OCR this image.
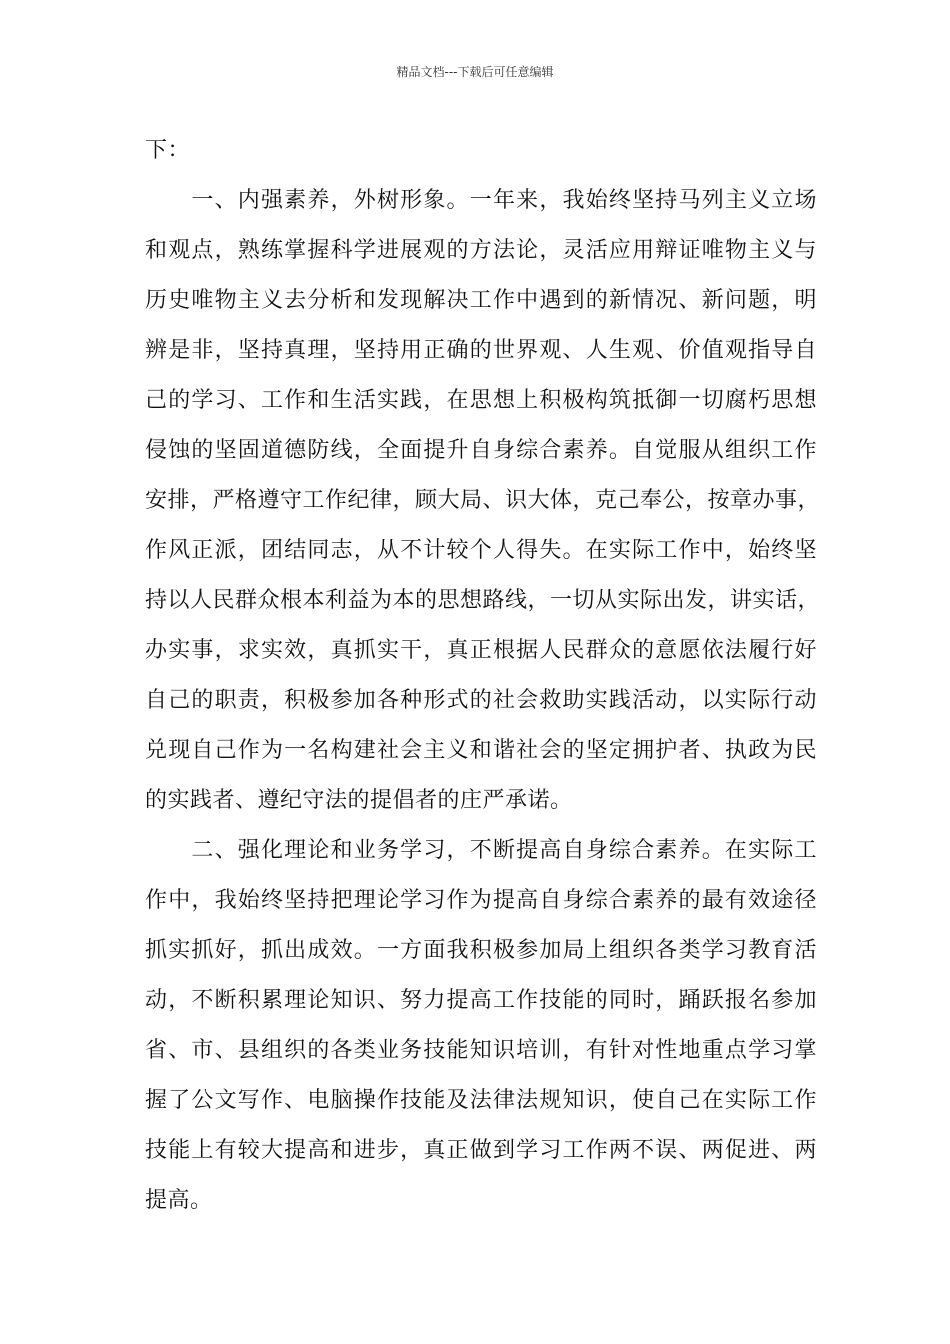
精品文档---下载后可任意编辑
下：
　　一、内强素养，外树形象。一年来，我始终坚持马列主义立场
和观点，熟练掌握科学进展观的方法论，灵活应用辩证唯物主义与
历史唯物主义去分析和发现解决工作中遇到的新情况、新问题，明
辨是非，坚持真理，坚持用正确的世界观、人生观、价值观指导自
己的学习、工作和生活实践，在思想上积极构筑抵御一切腐朽思想
侵蚀的坚固道德防线，全面提升自身综合素养。自觉服从组织工作
安排，严格遵守工作纪律，顾大局、识大体，克己奉公，按章办事，
作风正派，团结同志，从不计较个人得失。在实际工作中，始终坚
持以人民群众根本利益为本的思想路线，一切从实际出发，讲实话，
办实事，求实效，真抓实干，真正根据人民群众的意愿依法履行好
自己的职责，积极参加各种形式的社会救助实践活动，以实际行动
兑现自己作为一名构建社会主义和谐社会的坚定拥护者、执政为民
的实践者、遵纪守法的提倡者的庄严承诺。
　　二、强化理论和业务学习，不断提高自身综合素养。在实际工
作中，我始终坚持把理论学习作为提高自身综合素养的最有效途径
抓实抓好，抓出成效。一方面我积极参加局上组织各类学习教育活
动，不断积累理论知识、努力提高工作技能的同时，踊跃报名参加
省、市、县组织的各类业务技能知识培训，有针对性地重点学习掌
握了公文写作、电脑操作技能及法律法规知识，使自己在实际工作
技能上有较大提高和进步，真正做到学习工作两不误、两促进、两
提高。
